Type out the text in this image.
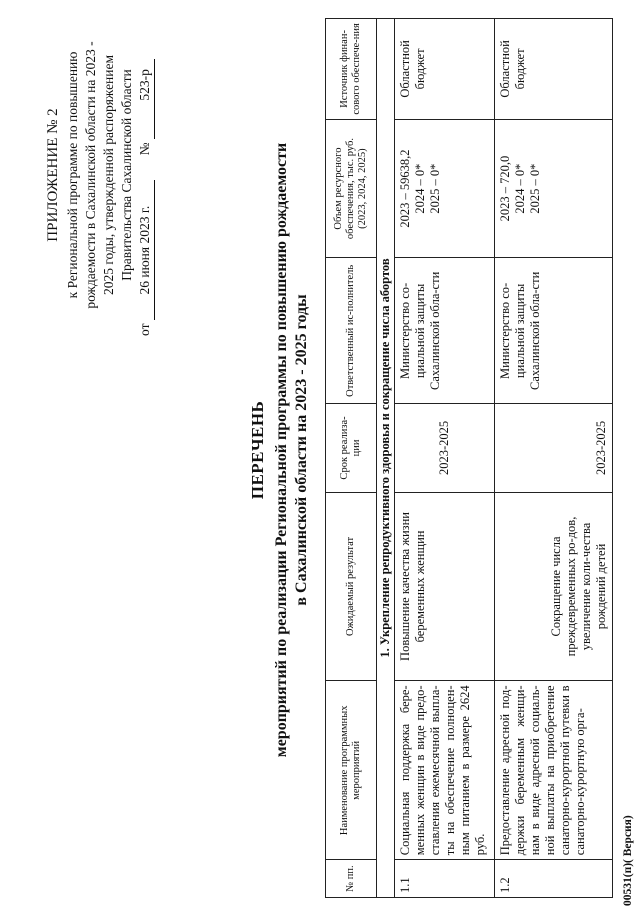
ПРИЛОЖЕНИЕ № 2 к Региональной программе по повышению рождаемости в Сахалинской области на 2023 - 2025 годы, утвержденной распоряжением Правительства Сахалинской области
от 26 июня 2023 г.  № 523-р
ПЕРЕЧЕНЬ мероприятий по реализации Региональной программы по повышению рождаемости в Сахалинской области на 2023 - 2025 годы
№ пп.	Наименование программных мероприятий	Ожидаемый результат	Срок реализа-ции	Ответственный ис-полнитель	Объем ресурсного обеспечения, тыс. руб. (2023, 2024, 2025)	Источник финан-сового обеспече-ния
1. Укрепление репродуктивного здоровья и сокращение числа абортов						
1.1	Социальная поддержка бере-менных женщин в виде предо-ставления ежемесячной выпла-ты на обеспечение полноцен-ным питанием в размере 2624 руб.	Повышение качества жизни беременных женщин	2023-2025	Министерство со-циальной защиты Сахалинской обла-сти	2023 – 59638,2 2024 – 0* 2025 – 0*	Областной бюджет
1.2	Предоставление адресной под-держки беременным женщи-нам в виде адресной социаль-ной выплаты на приобретение санаторно-курортной путевки в санаторно-курортную орга-	Сокращение числа преждевременных ро-дов, увеличение коли-чества рождений детей	2023-2025	Министерство со-циальной защиты Сахалинской обла-сти	2023 – 720,0 2024 – 0* 2025 – 0*	Областной бюджет
00531(п)( Версия)
